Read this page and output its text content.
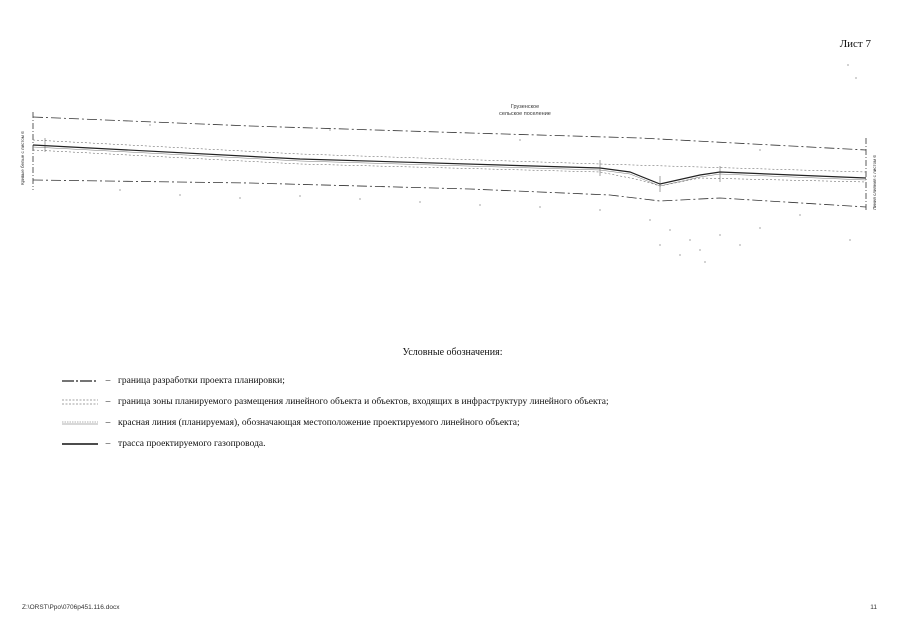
Лист 7
Кривые белые с листом 6	Линия слияния с листом 6
Грузенское
сельское поселение
Условные обозначения:
– граница разработки проекта планировки;
– граница зоны планируемого размещения линейного объекта и объектов, входящих в инфраструктуру линейного объекта;
– красная линия (планируемая), обозначающая местоположение проектируемого линейного объекта;
– трасса проектируемого газопровода.
Z:\ORST\Ppo\0706p451.116.docx	11
